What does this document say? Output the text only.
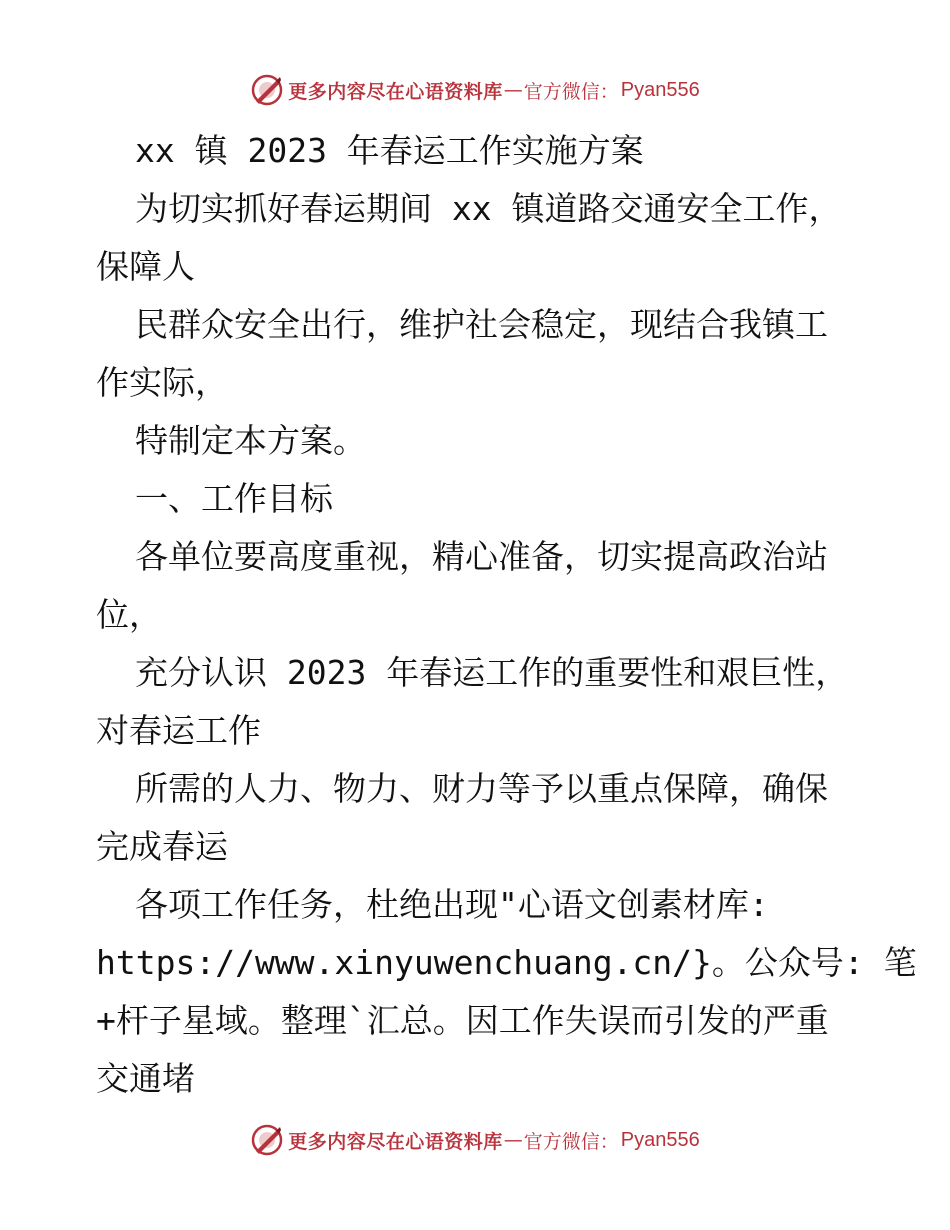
更多内容尽在心语资料库 — 官方微信： Pyan556
xx 镇 2023 年春运工作实施方案
为切实抓好春运期间 xx 镇道路交通安全工作，
保障人
民群众安全出行，维护社会稳定，现结合我镇工
作实际，
特制定本方案。
一、工作目标
各单位要高度重视，精心准备，切实提高政治站
位，
充分认识 2023 年春运工作的重要性和艰巨性，
对春运工作
所需的人力、物力、财力等予以重点保障，确保
完成春运
各项工作任务，杜绝出现"心语文创素材库:
https://www.xinyuwenchuang.cn/}。公众号: 笔
+杆子星域。整理`汇总。因工作失误而引发的严重
交通堵
更多内容尽在心语资料库 — 官方微信： Pyan556
